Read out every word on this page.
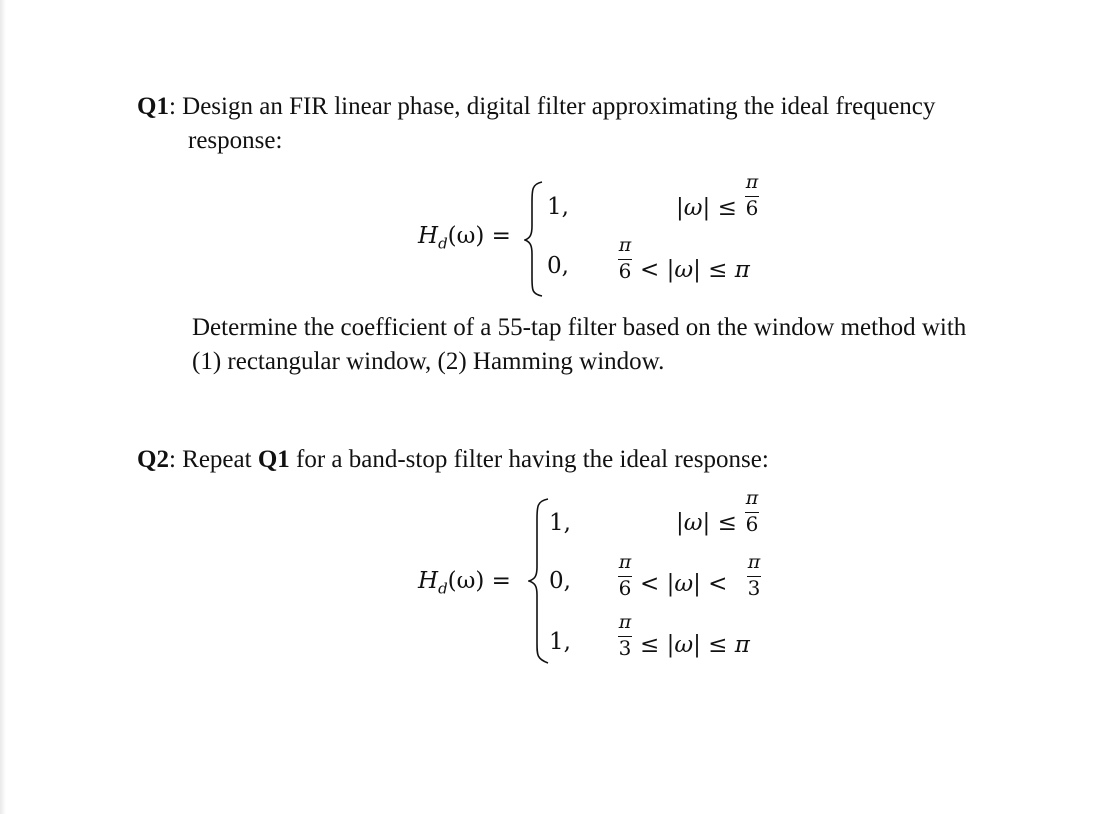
Q1: Design an FIR linear phase, digital filter approximating the ideal frequency
response:
$H_d(\omega)$ =
1,	|ω| ≤
π
6
0,
π
6 < |ω| ≤ π
Determine the coefficient of a 55-tap filter based on the window method with
(1) rectangular window, (2) Hamming window.
Q2: Repeat Q1 for a band-stop filter having the ideal response:
$H_d(\omega)$ =
1,	|ω| ≤
π
6
0,
π
6 < |ω| <
π
3
1,
π
3 ≤ |ω| ≤ π
